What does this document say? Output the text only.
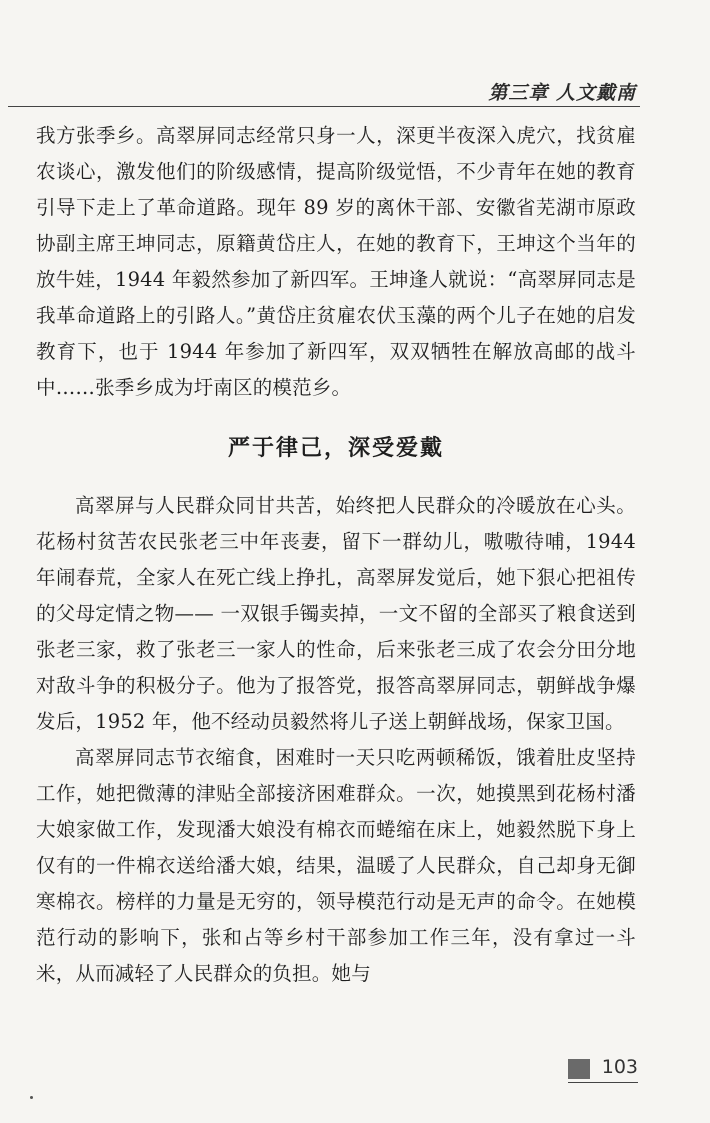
第三章 人文戴南

我方张季乡。高翠屏同志经常只身一人，深更半夜深入虎穴，找贫雇农谈心，激发他们的阶级感情，提高阶级觉悟，不少青年在她的教育引导下走上了革命道路。现年 89 岁的离休干部、安徽省芜湖市原政协副主席王坤同志，原籍黄岱庄人，在她的教育下，王坤这个当年的放牛娃，1944 年毅然参加了新四军。王坤逢人就说：“高翠屏同志是我革命道路上的引路人。”黄岱庄贫雇农伏玉藻的两个儿子在她的启发教育下，也于 1944 年参加了新四军，双双牺牲在解放高邮的战斗中……张季乡成为圩南区的模范乡。

严于律己，深受爱戴

高翠屏与人民群众同甘共苦，始终把人民群众的冷暖放在心头。花杨村贫苦农民张老三中年丧妻，留下一群幼儿，嗷嗷待哺，1944 年闹春荒，全家人在死亡线上挣扎，高翠屏发觉后，她下狠心把祖传的父母定情之物—— 一双银手镯卖掉，一文不留的全部买了粮食送到张老三家，救了张老三一家人的性命，后来张老三成了农会分田分地对敌斗争的积极分子。他为了报答党，报答高翠屏同志，朝鲜战争爆发后，1952 年，他不经动员毅然将儿子送上朝鲜战场，保家卫国。

高翠屏同志节衣缩食，困难时一天只吃两顿稀饭，饿着肚皮坚持工作，她把微薄的津贴全部接济困难群众。一次，她摸黑到花杨村潘大娘家做工作，发现潘大娘没有棉衣而蜷缩在床上，她毅然脱下身上仅有的一件棉衣送给潘大娘，结果，温暖了人民群众，自己却身无御寒棉衣。榜样的力量是无穷的，领导模范行动是无声的命令。在她模范行动的影响下，张和占等乡村干部参加工作三年，没有拿过一斗米，从而减轻了人民群众的负担。她与

103
